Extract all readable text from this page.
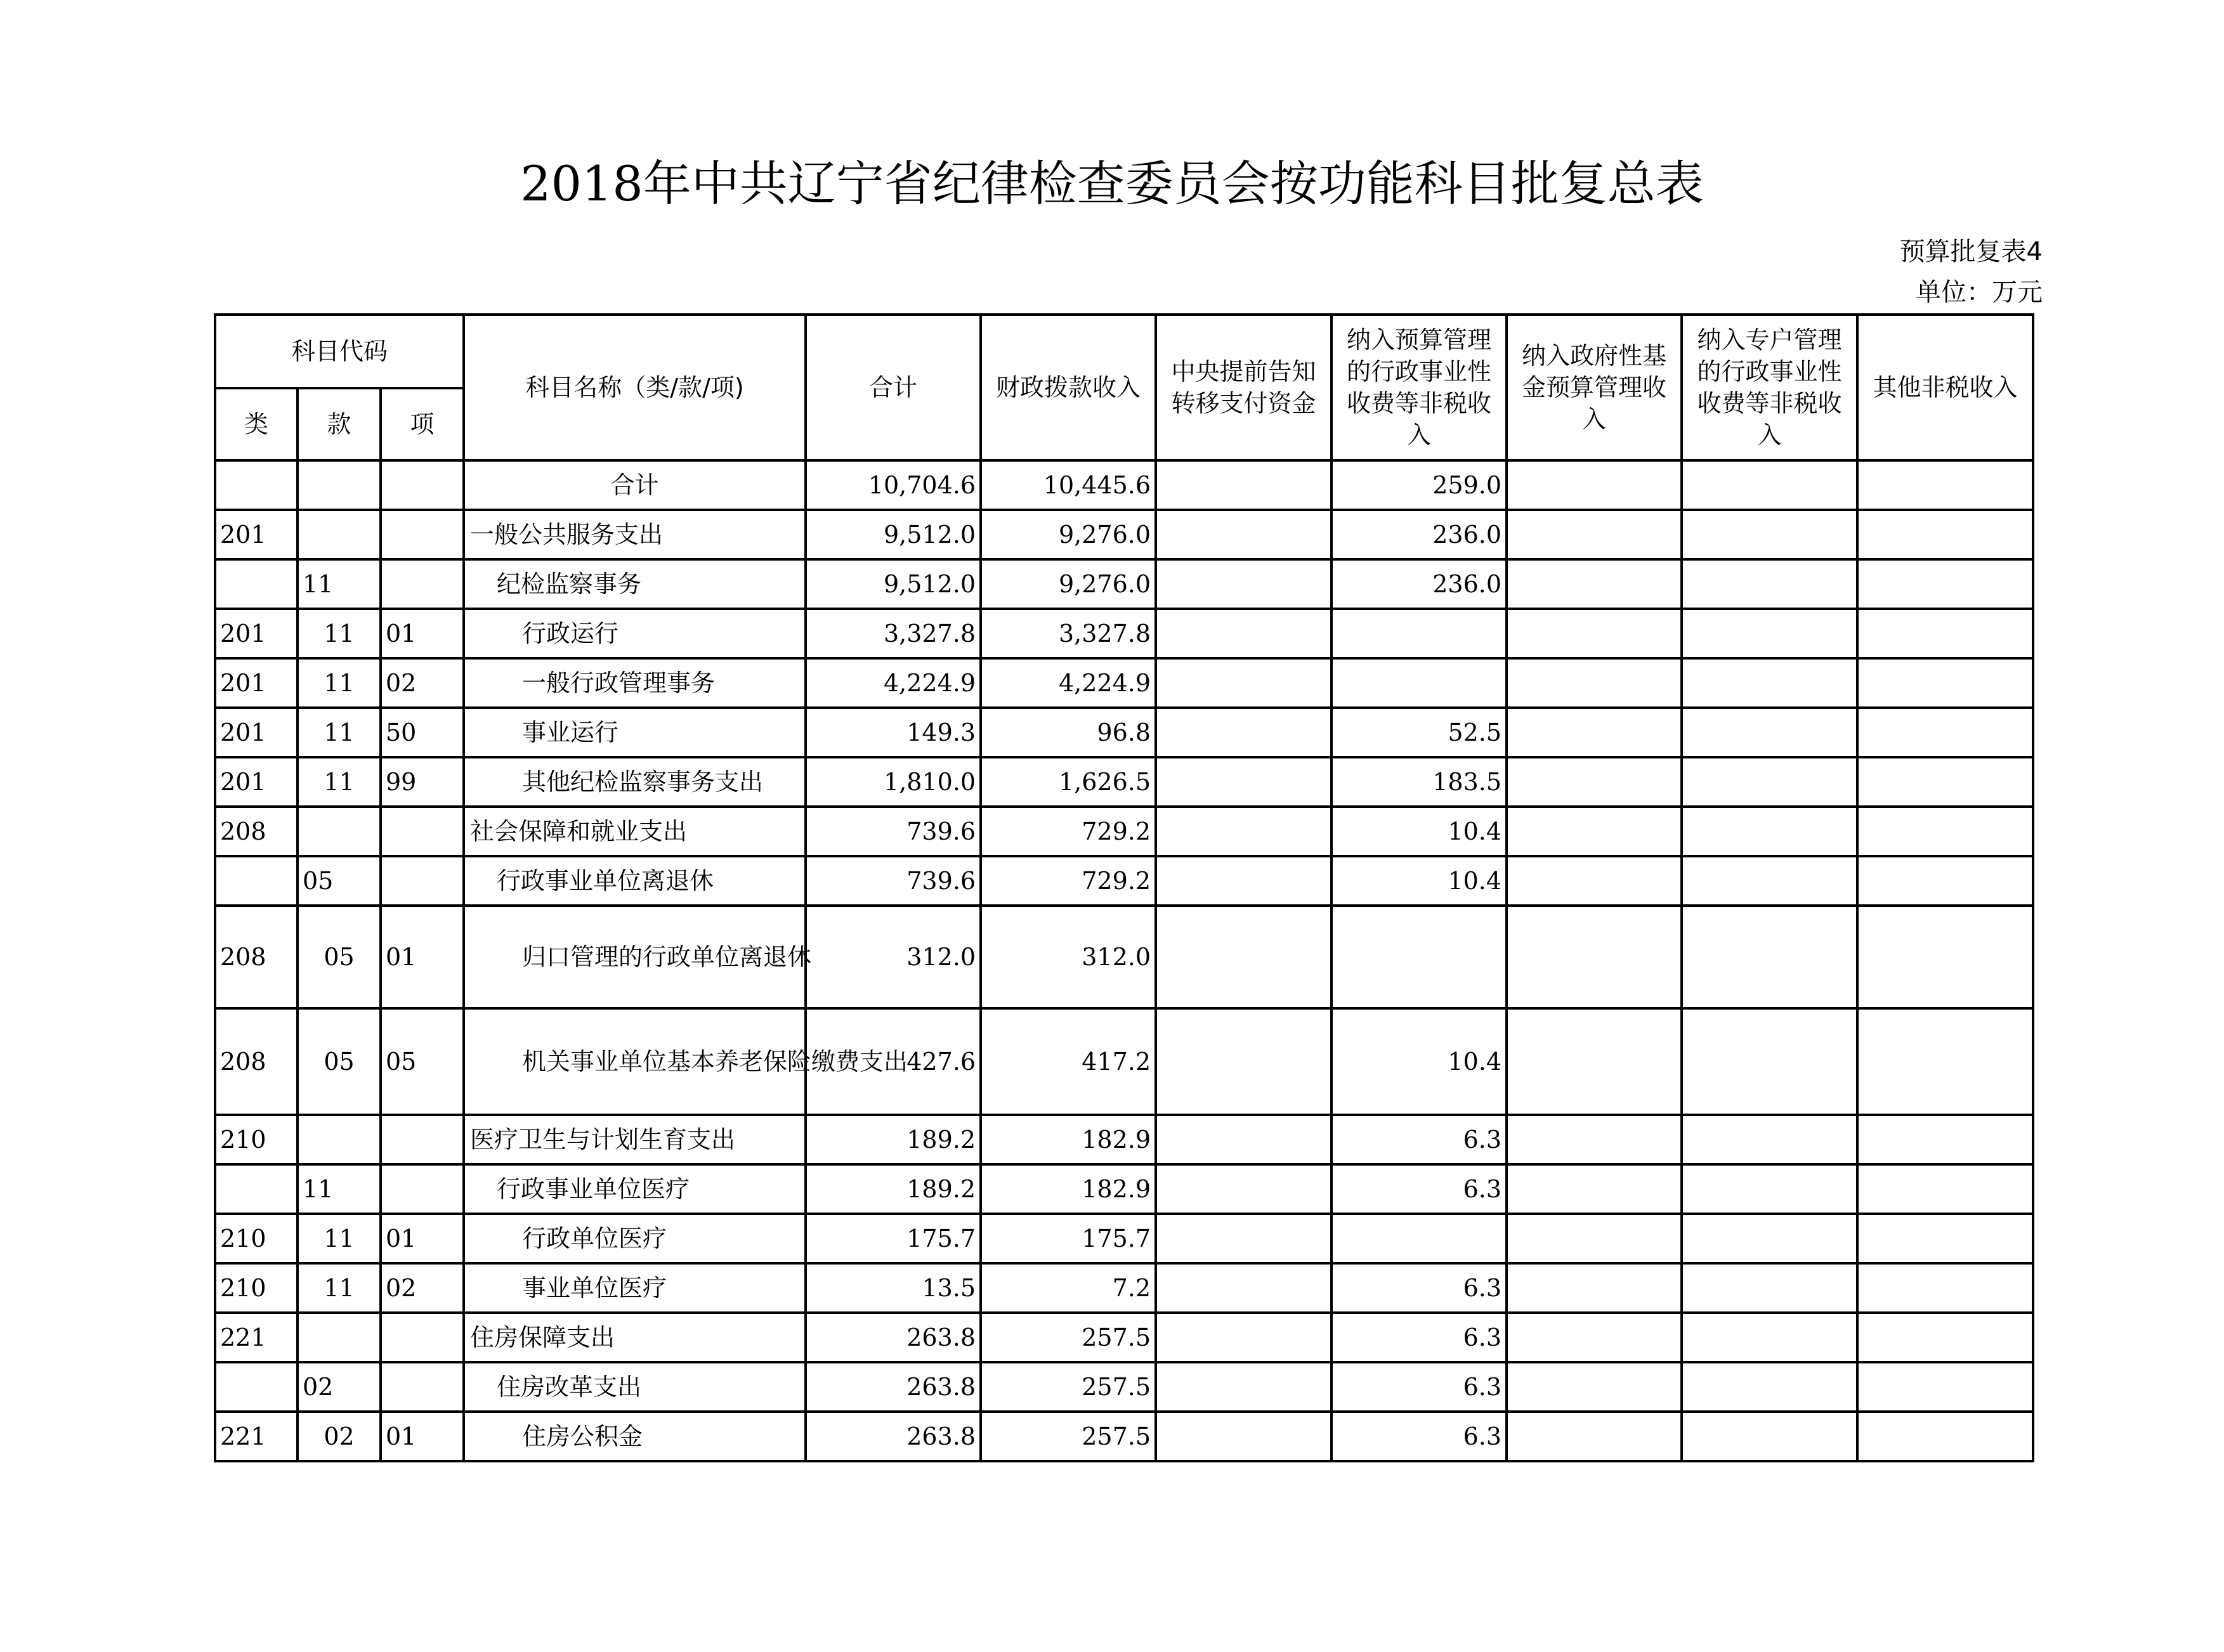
2018年中共辽宁省纪律检查委员会按功能科目批复总表
预算批复表4
单位：万元
科目代码			科目名称（类/款/项)	合计	财政拨款收入	中央提前告知转移支付资金	纳入预算管理的行政事业性收费等非税收入	纳入政府性基金预算管理收入	纳入专户管理的行政事业性收费等非税收入	其他非税收入
类	款	项								
			合计	10,704.6	10,445.6		259.0			
201			一般公共服务支出	9,512.0	9,276.0		236.0			
	11		纪检监察事务	9,512.0	9,276.0		236.0			
201	11	01	行政运行	3,327.8	3,327.8					
201	11	02	一般行政管理事务	4,224.9	4,224.9					
201	11	50	事业运行	149.3	96.8		52.5			
201	11	99	其他纪检监察事务支出	1,810.0	1,626.5		183.5			
208			社会保障和就业支出	739.6	729.2		10.4			
	05		行政事业单位离退休	739.6	729.2		10.4			
208	05	01	归口管理的行政单位离退休	312.0	312.0					
208	05	05	机关事业单位基本养老保险缴费支出	427.6	417.2		10.4			
210			医疗卫生与计划生育支出	189.2	182.9		6.3			
	11		行政事业单位医疗	189.2	182.9		6.3			
210	11	01	行政单位医疗	175.7	175.7					
210	11	02	事业单位医疗	13.5	7.2		6.3			
221			住房保障支出	263.8	257.5		6.3			
	02		住房改革支出	263.8	257.5		6.3			
221	02	01	住房公积金	263.8	257.5		6.3			
